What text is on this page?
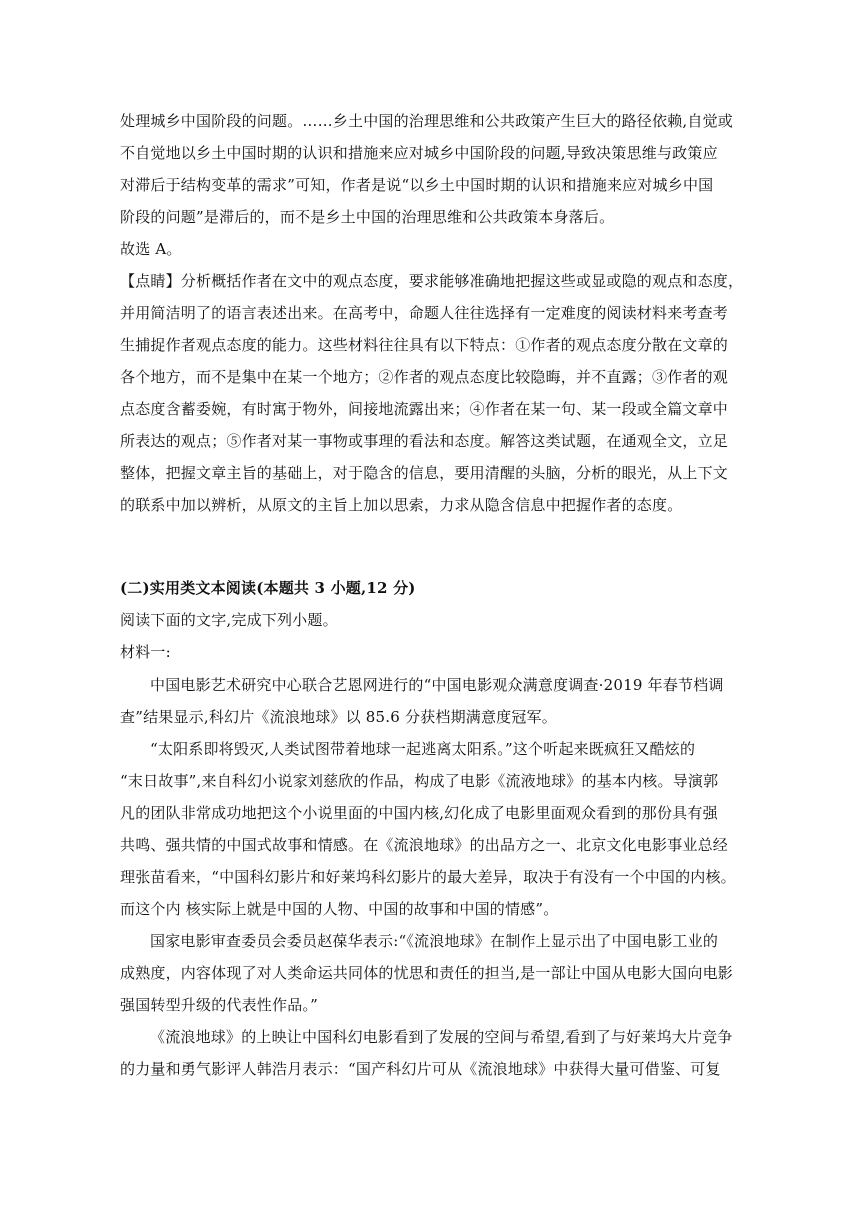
处理城乡中国阶段的问题。……乡土中国的治理思维和公共政策产生巨大的路径依赖,自觉或
不自觉地以乡土中国时期的认识和措施来应对城乡中国阶段的问题,导致决策思维与政策应
对滞后于结构变革的需求”可知，作者是说“以乡土中国时期的认识和措施来应对城乡中国
阶段的问题”是滞后的，而不是乡土中国的治理思维和公共政策本身落后。
故选 A。
【点睛】分析概括作者在文中的观点态度，要求能够准确地把握这些或显或隐的观点和态度，
并用简洁明了的语言表述出来。在高考中，命题人往往选择有一定难度的阅读材料来考查考
生捕捉作者观点态度的能力。这些材料往往具有以下特点：①作者的观点态度分散在文章的
各个地方，而不是集中在某一个地方；②作者的观点态度比较隐晦，并不直露；③作者的观
点态度含蓄委婉，有时寓于物外，间接地流露出来；④作者在某一句、某一段或全篇文章中
所表达的观点；⑤作者对某一事物或事理的看法和态度。解答这类试题，在通观全文，立足
整体，把握文章主旨的基础上，对于隐含的信息，要用清醒的头脑，分析的眼光，从上下文
的联系中加以辨析，从原文的主旨上加以思索，力求从隐含信息中把握作者的态度。
(二)实用类文本阅读(本题共 3 小题,12 分)
阅读下面的文字,完成下列小题。
材料一:
中国电影艺术研究中心联合艺恩网进行的“中国电影观众满意度调查·2019 年春节档调
查”结果显示,科幻片《流浪地球》以 85.6 分获档期满意度冠军。
“太阳系即将毁灭,人类试图带着地球一起逃离太阳系。”这个听起来既疯狂又酷炫的
“末日故事”,来自科幻小说家刘慈欣的作品，构成了电影《流液地球》的基本内核。导演郭
凡的团队非常成功地把这个小说里面的中国内核,幻化成了电影里面观众看到的那份具有强
共鸣、强共情的中国式故事和情感。在《流浪地球》的出品方之一、北京文化电影事业总经
理张苗看来，“中国科幻影片和好莱坞科幻影片的最大差异，取决于有没有一个中国的内核。
而这个内 核实际上就是中国的人物、中国的故事和中国的情感”。
国家电影审查委员会委员赵葆华表示:“《流浪地球》在制作上显示出了中国电影工业的
成熟度，内容体现了对人类命运共同体的忧思和责任的担当,是一部让中国从电影大国向电影
强国转型升级的代表性作品。”
《流浪地球》的上映让中国科幻电影看到了发展的空间与希望,看到了与好莱坞大片竞争
的力量和勇气影评人韩浩月表示：“国产科幻片可从《流浪地球》中获得大量可借鉴、可复
